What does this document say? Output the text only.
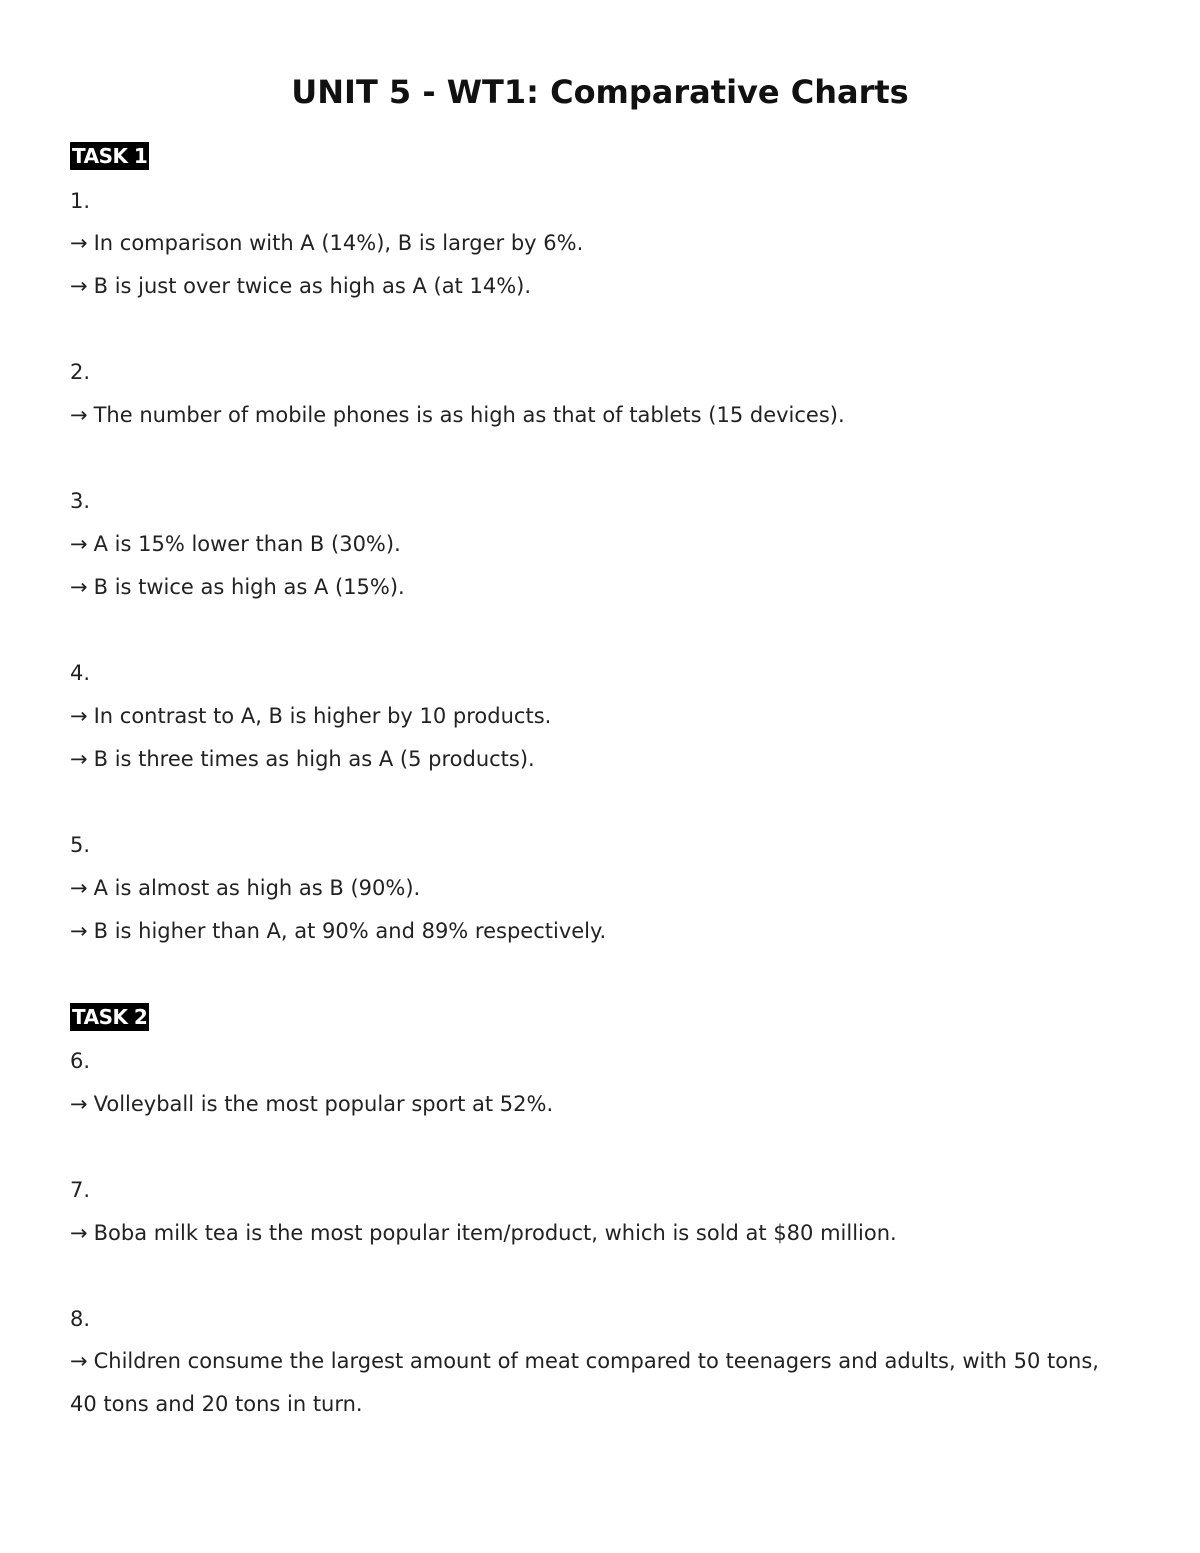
UNIT 5 - WT1: Comparative Charts
TASK 1
1.
→ In comparison with A (14%), B is larger by 6%.
→ B is just over twice as high as A (at 14%).
2.
→ The number of mobile phones is as high as that of tablets (15 devices).
3.
→ A is 15% lower than B (30%).
→ B is twice as high as A (15%).
4.
→ In contrast to A, B is higher by 10 products.
→ B is three times as high as A (5 products).
5.
→ A is almost as high as B (90%).
→ B is higher than A, at 90% and 89% respectively.
TASK 2
6.
→ Volleyball is the most popular sport at 52%.
7.
→ Boba milk tea is the most popular item/product, which is sold at $80 million.
8.
→ Children consume the largest amount of meat compared to teenagers and adults, with 50 tons, 40 tons and 20 tons in turn.
